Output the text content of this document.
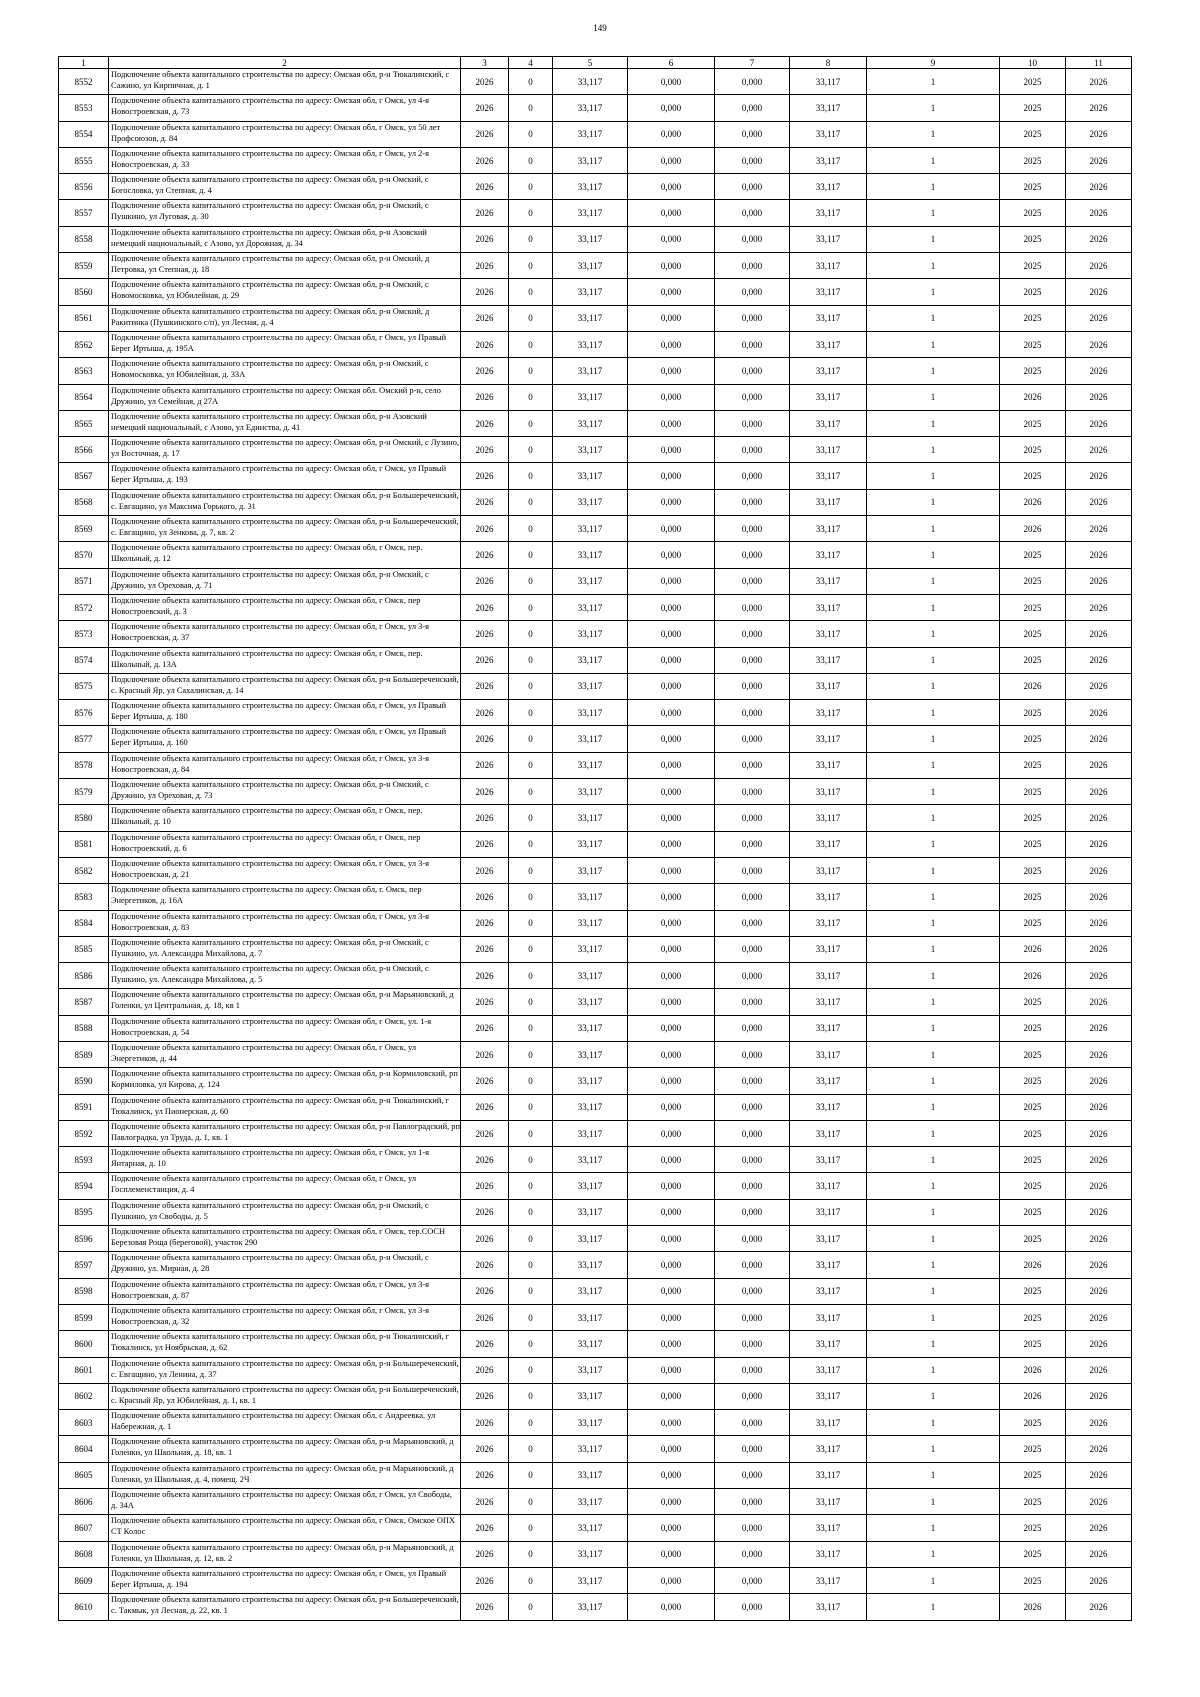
149
1	2	3	4	5	6	7	8	9	10	11
8552	Подключение объекта капитального строительства по адресу: Омская обл, р-н Тюкалинский, с Сажино, ул Кирпичная, д. 1	2026	0	33,117	0,000	0,000	33,117	1	2025	2026
8553	Подключение объекта капитального строительства по адресу: Омская обл, г Омск, ул 4-я Новостроевская, д. 73	2026	0	33,117	0,000	0,000	33,117	1	2025	2026
8554	Подключение объекта капитального строительства по адресу: Омская обл, г Омск, ул 50 лет Профсоюзов, д. 84	2026	0	33,117	0,000	0,000	33,117	1	2025	2026
8555	Подключение объекта капитального строительства по адресу: Омская обл, г Омск, ул 2-я Новостроевская, д. 33	2026	0	33,117	0,000	0,000	33,117	1	2025	2026
8556	Подключение объекта капитального строительства по адресу: Омская обл, р-н Омский, с Богословка, ул Степная, д. 4	2026	0	33,117	0,000	0,000	33,117	1	2025	2026
8557	Подключение объекта капитального строительства по адресу: Омская обл, р-н Омский, с Пушкино, ул Луговая, д. 30	2026	0	33,117	0,000	0,000	33,117	1	2025	2026
8558	Подключение объекта капитального строительства по адресу: Омская обл, р-н Азовский немецкий национальный, с Азово, ул Дорожная, д. 34	2026	0	33,117	0,000	0,000	33,117	1	2025	2026
8559	Подключение объекта капитального строительства по адресу: Омская обл, р-н Омский, д Петровка, ул Степная, д. 18	2026	0	33,117	0,000	0,000	33,117	1	2025	2026
8560	Подключение объекта капитального строительства по адресу: Омская обл, р-н Омский, с Новомосковка, ул Юбилейная, д. 29	2026	0	33,117	0,000	0,000	33,117	1	2025	2026
8561	Подключение объекта капитального строительства по адресу: Омская обл, р-н Омский, д Ракитинка (Пушкинского с/п), ул Лесная, д. 4	2026	0	33,117	0,000	0,000	33,117	1	2025	2026
8562	Подключение объекта капитального строительства по адресу: Омская обл, г Омск, ул Правый Берег Иртыша, д. 195А	2026	0	33,117	0,000	0,000	33,117	1	2025	2026
8563	Подключение объекта капитального строительства по адресу: Омская обл, р-н Омский, с Новомосковка, ул Юбилейная, д. 33А	2026	0	33,117	0,000	0,000	33,117	1	2025	2026
8564	Подключение объекта капитального строительства по адресу: Омская обл. Омский р-н, село Дружино, ул Семейная, д 27А	2026	0	33,117	0,000	0,000	33,117	1	2026	2026
8565	Подключение объекта капитального строительства по адресу: Омская обл, р-н Азовский немецкий национальный, с Азово, ул Единства, д. 41	2026	0	33,117	0,000	0,000	33,117	1	2025	2026
8566	Подключение объекта капитального строительства по адресу: Омская обл, р-н Омский, с Лузино, ул Восточная, д. 17	2026	0	33,117	0,000	0,000	33,117	1	2025	2026
8567	Подключение объекта капитального строительства по адресу: Омская обл, г Омск, ул Правый Берег Иртыша, д. 193	2026	0	33,117	0,000	0,000	33,117	1	2025	2026
8568	Подключение объекта капитального строительства по адресу: Омская обл, р-н Большереченский, с. Евгащино, ул Максима Горького, д. 31	2026	0	33,117	0,000	0,000	33,117	1	2026	2026
8569	Подключение объекта капитального строительства по адресу: Омская обл, р-н Большереченский, с. Евгащино, ул Зенкова, д. 7, кв. 2	2026	0	33,117	0,000	0,000	33,117	1	2026	2026
8570	Подключение объекта капитального строительства по адресу: Омская обл, г Омск, пер. Школьный, д. 12	2026	0	33,117	0,000	0,000	33,117	1	2025	2026
8571	Подключение объекта капитального строительства по адресу: Омская обл, р-н Омский, с Дружино, ул Ореховая, д. 71	2026	0	33,117	0,000	0,000	33,117	1	2025	2026
8572	Подключение объекта капитального строительства по адресу: Омская обл, г Омск, пер Новостроевский, д. 3	2026	0	33,117	0,000	0,000	33,117	1	2025	2026
8573	Подключение объекта капитального строительства по адресу: Омская обл, г Омск, ул 3-я Новостроевская, д. 37	2026	0	33,117	0,000	0,000	33,117	1	2025	2026
8574	Подключение объекта капитального строительства по адресу: Омская обл, г Омск, пер. Школьный, д. 13А	2026	0	33,117	0,000	0,000	33,117	1	2025	2026
8575	Подключение объекта капитального строительства по адресу: Омская обл, р-н Большереченский, с. Красный Яр, ул Сахалинская, д. 14	2026	0	33,117	0,000	0,000	33,117	1	2026	2026
8576	Подключение объекта капитального строительства по адресу: Омская обл, г Омск, ул Правый Берег Иртыша, д. 180	2026	0	33,117	0,000	0,000	33,117	1	2025	2026
8577	Подключение объекта капитального строительства по адресу: Омская обл, г Омск, ул Правый Берег Иртыша, д. 160	2026	0	33,117	0,000	0,000	33,117	1	2025	2026
8578	Подключение объекта капитального строительства по адресу: Омская обл, г Омск, ул 3-я Новостроевская, д. 84	2026	0	33,117	0,000	0,000	33,117	1	2025	2026
8579	Подключение объекта капитального строительства по адресу: Омская обл, р-н Омский, с Дружино, ул Ореховая, д. 73	2026	0	33,117	0,000	0,000	33,117	1	2025	2026
8580	Подключение объекта капитального строительства по адресу: Омская обл, г Омск, пер. Школьный, д. 10	2026	0	33,117	0,000	0,000	33,117	1	2025	2026
8581	Подключение объекта капитального строительства по адресу: Омская обл, г Омск, пер Новостроевский, д. 6	2026	0	33,117	0,000	0,000	33,117	1	2025	2026
8582	Подключение объекта капитального строительства по адресу: Омская обл, г Омск, ул 3-я Новостроевская, д. 21	2026	0	33,117	0,000	0,000	33,117	1	2025	2026
8583	Подключение объекта капитального строительства по адресу: Омская обл, г. Омск, пер Энергетиков, д. 16А	2026	0	33,117	0,000	0,000	33,117	1	2025	2026
8584	Подключение объекта капитального строительства по адресу: Омская обл, г Омск, ул 3-я Новостроевская, д. 83	2026	0	33,117	0,000	0,000	33,117	1	2025	2026
8585	Подключение объекта капитального строительства по адресу: Омская обл, р-н Омский, с Пушкино, ул. Александра Михайлова, д. 7	2026	0	33,117	0,000	0,000	33,117	1	2026	2026
8586	Подключение объекта капитального строительства по адресу: Омская обл, р-н Омский, с Пушкино, ул. Александра Михайлова, д. 5	2026	0	33,117	0,000	0,000	33,117	1	2026	2026
8587	Подключение объекта капитального строительства по адресу: Омская обл, р-н Марьяновский, д Голенки, ул Центральная, д. 18, кв 1	2026	0	33,117	0,000	0,000	33,117	1	2025	2026
8588	Подключение объекта капитального строительства по адресу: Омская обл, г Омск, ул. 1-я Новостроевская, д. 54	2026	0	33,117	0,000	0,000	33,117	1	2025	2026
8589	Подключение объекта капитального строительства по адресу: Омская обл, г Омск, ул Энергетиков, д. 44	2026	0	33,117	0,000	0,000	33,117	1	2025	2026
8590	Подключение объекта капитального строительства по адресу: Омская обл, р-н Кормиловский, рп Кормиловка, ул Кирова, д. 124	2026	0	33,117	0,000	0,000	33,117	1	2025	2026
8591	Подключение объекта капитального строительства по адресу: Омская обл, р-н Тюкалинский, г Тюкалинск, ул Пионерская, д. 60	2026	0	33,117	0,000	0,000	33,117	1	2025	2026
8592	Подключение объекта капитального строительства по адресу: Омская обл, р-н Павлоградский, рп Павлоградка, ул Труда, д. 1, кв. 1	2026	0	33,117	0,000	0,000	33,117	1	2025	2026
8593	Подключение объекта капитального строительства по адресу: Омская обл, г Омск, ул 1-я Янтарная, д. 10	2026	0	33,117	0,000	0,000	33,117	1	2025	2026
8594	Подключение объекта капитального строительства по адресу: Омская обл, г Омск, ул Госплеменстанция, д. 4	2026	0	33,117	0,000	0,000	33,117	1	2025	2026
8595	Подключение объекта капитального строительства по адресу: Омская обл, р-н Омский, с Пушкино, ул Свободы, д. 5	2026	0	33,117	0,000	0,000	33,117	1	2025	2026
8596	Подключение объекта капитального строительства по адресу: Омская обл, г Омск, тер.СОСН Березовая Роща (береговой), участок 290	2026	0	33,117	0,000	0,000	33,117	1	2025	2026
8597	Подключение объекта капитального строительства по адресу: Омская обл, р-н Омский, с Дружино, ул. Мирная, д. 28	2026	0	33,117	0,000	0,000	33,117	1	2026	2026
8598	Подключение объекта капитального строительства по адресу: Омская обл, г Омск, ул 3-я Новостроевская, д. 87	2026	0	33,117	0,000	0,000	33,117	1	2025	2026
8599	Подключение объекта капитального строительства по адресу: Омская обл, г Омск, ул 3-я Новостроевская, д. 32	2026	0	33,117	0,000	0,000	33,117	1	2025	2026
8600	Подключение объекта капитального строительства по адресу: Омская обл, р-н Тюкалинский, г Тюкалинск, ул Ноябрьская, д. 62	2026	0	33,117	0,000	0,000	33,117	1	2025	2026
8601	Подключение объекта капитального строительства по адресу: Омская обл, р-н Большереченский, с. Евгащино, ул Ленина, д. 37	2026	0	33,117	0,000	0,000	33,117	1	2026	2026
8602	Подключение объекта капитального строительства по адресу: Омская обл, р-н Большереченский, с. Красный Яр, ул Юбилейная, д. 1, кв. 1	2026	0	33,117	0,000	0,000	33,117	1	2026	2026
8603	Подключение объекта капитального строительства по адресу: Омская обл, с Андреевка, ул Набережная, д. 1	2026	0	33,117	0,000	0,000	33,117	1	2025	2026
8604	Подключение объекта капитального строительства по адресу: Омская обл, р-н Марьяновский, д Голенки, ул Школьная, д. 18, кв. 1	2026	0	33,117	0,000	0,000	33,117	1	2025	2026
8605	Подключение объекта капитального строительства по адресу: Омская обл, р-н Марьяновский, д Голенки, ул Школьная, д. 4, помещ. 2Ч	2026	0	33,117	0,000	0,000	33,117	1	2025	2026
8606	Подключение объекта капитального строительства по адресу: Омская обл, г Омск, ул Свободы, д. 34А	2026	0	33,117	0,000	0,000	33,117	1	2025	2026
8607	Подключение объекта капитального строительства по адресу: Омская обл, г Омск, Омское ОПХ СТ Колос	2026	0	33,117	0,000	0,000	33,117	1	2025	2026
8608	Подключение объекта капитального строительства по адресу: Омская обл, р-н Марьяновский, д Голенки, ул Школьная, д. 12, кв. 2	2026	0	33,117	0,000	0,000	33,117	1	2025	2026
8609	Подключение объекта капитального строительства по адресу: Омская обл, г Омск, ул Правый Берег Иртыша, д. 194	2026	0	33,117	0,000	0,000	33,117	1	2025	2026
8610	Подключение объекта капитального строительства по адресу: Омская обл, р-н Большереченский, с. Такмык, ул Лесная, д. 22, кв. 1	2026	0	33,117	0,000	0,000	33,117	1	2026	2026
